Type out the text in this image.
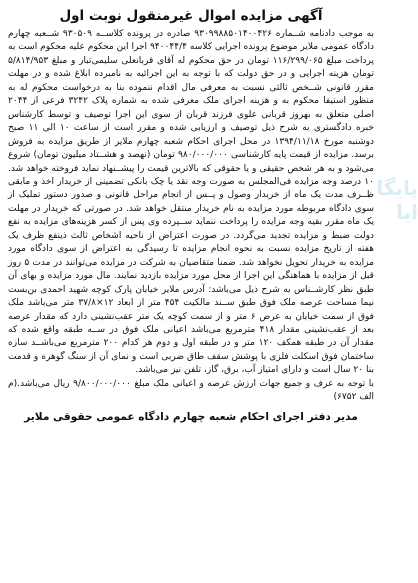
آگهی مزایده اموال غیرمنقول نوبت اول

به موجب دادنامه شــماره ۹۳۰۹۹۸۸۵۰۱۴۰۰۴۲۶ صادره در پرونده کلاســه ۹۳۰۵۰۹ شــعبه چهارم دادگاه عمومی ملایر موضوع پرونده اجرایی کلاسه ۹۴۰۰۴۴/۴ اجرا این محکوم علیه محکوم است به پرداخت مبلغ ۱۱۶/۲۹۹/۰۶۵ تومان در حق محکوم له آقای قربانعلی سلیمی‌تبار و مبلغ ۵/۸۱۴/۹۵۳ تومان هزینه اجرایی و در حق دولت که با توجه به این اجرائیه به نامبرده ابلاغ شده و در مهلت مقرر قانونی شــخص ثالثی نسبت به معرفی مال اقدام ننموده بنا به درخواست محکوم له به منظور استیفا محکوم به و هزینه اجرای ملک معرفی شده به شماره پلاک ۳۲۴۲ فرعی از ۲۰۴۴ اصلی متعلق به بهروز قربانی علوی فرزند قربان از سوی این اجرا توصیف و توسط کارشناس خبره دادگستری به شرح ذیل توصیف و ارزیابی شده و مقرر است از ساعت ۱۰ الی ۱۱ صبح دوشنبه مورخ ۱۳۹۴/۱۱/۱۸ در محل اجرای احکام شعبه چهارم ملایر از طریق مزایده به فروش برسد. مزایده از قیمت پایه کارشناسی ۹۸۰/۰۰۰/۰۰۰ تومان (نهصد و هشــتاد میلیون تومان) شروع می‌شود و به هر شخص حقیقی و یا حقوقی که بالاترین قیمت را پیشــنهاد نماید فروخته خواهد شد. ۱۰ درصد وجه مزایده فی‌المجلس به صورت وجه نقد یا چک بانکی تضمینی از خریدار اخذ و مابقی ظــرف مدت یک ماه از خریدار وصول و پــس از انجام مراحل قانونی و صدور دستور تملیک از سوی دادگاه مربوطه مورد مزایده به نام خریدار منتقل خواهد شد. در صورتی که خریدار در مهلت یک ماه مقرر بقیه وجه مزایده را پرداخت ننماید ســپرده وی پس از کسر هزینه‌های مزایده به نفع دولت ضبط و مزایده تجدید می‌گردد. در صورت اعتراض از ناحیه اشخاص ثالث ذینفع ظرف یک هفته از تاریخ مزایده نسبت به نحوه انجام مزایده تا رسیدگی به اعتراض از سوی دادگاه مورد مزایده به خریدار تحویل نخواهد شد. ضمنا متقاضیان به شرکت در مزایده می‌توانند در مدت ۵ روز قبل از مزایده با هماهنگی این اجرا از محل مورد مزایده بازدید نمایند. مال مورد مزایده و بهای آن طبق نظر کارشــناس به شرح ذیل می‌باشد: آدرس ملایر خیابان پارک کوچه شهید احمدی بن‌بست نیما مساحت عرصه ملک فوق طبق ســند مالکیت ۴۵۴ متر از ابعاد ۱۲×۳۷/۸ متر می‌باشد ملک فوق از سمت خیابان به عرض ۶ متر و از سمت کوچه یک متر عقب‌نشینی دارد که مقدار عرصه بعد از عقب‌نشینی مقدار ۴۱۸ مترمربع می‌باشد اعیانی ملک فوق در ســه طبقه واقع شده که مقدار آن در طبقه همکف ۱۲۰ متر و در طبقه اول و دوم هر کدام ۲۰۰ مترمربع می‌باشــد سازه ساختمان فوق اسکلت فلزی با پوشش سقف طاق ضربی است و نمای آن از سنگ گوهره و قدمت بنا ۲۰ سال است و دارای امتیاز آب، برق، گاز، تلفن نیز می‌باشد.

با توجه به عرف و جمیع جهات ارزش عرصه و اعیانی ملک مبلغ ۹/۸۰۰/۰۰۰/۰۰۰ ریال می‌باشد.(م الف ۶۷۵۲)

مدیر دفتر اجرای احکام شعبه چهارم دادگاه عمومی حقوقی ملایر
پایگا
ایا
